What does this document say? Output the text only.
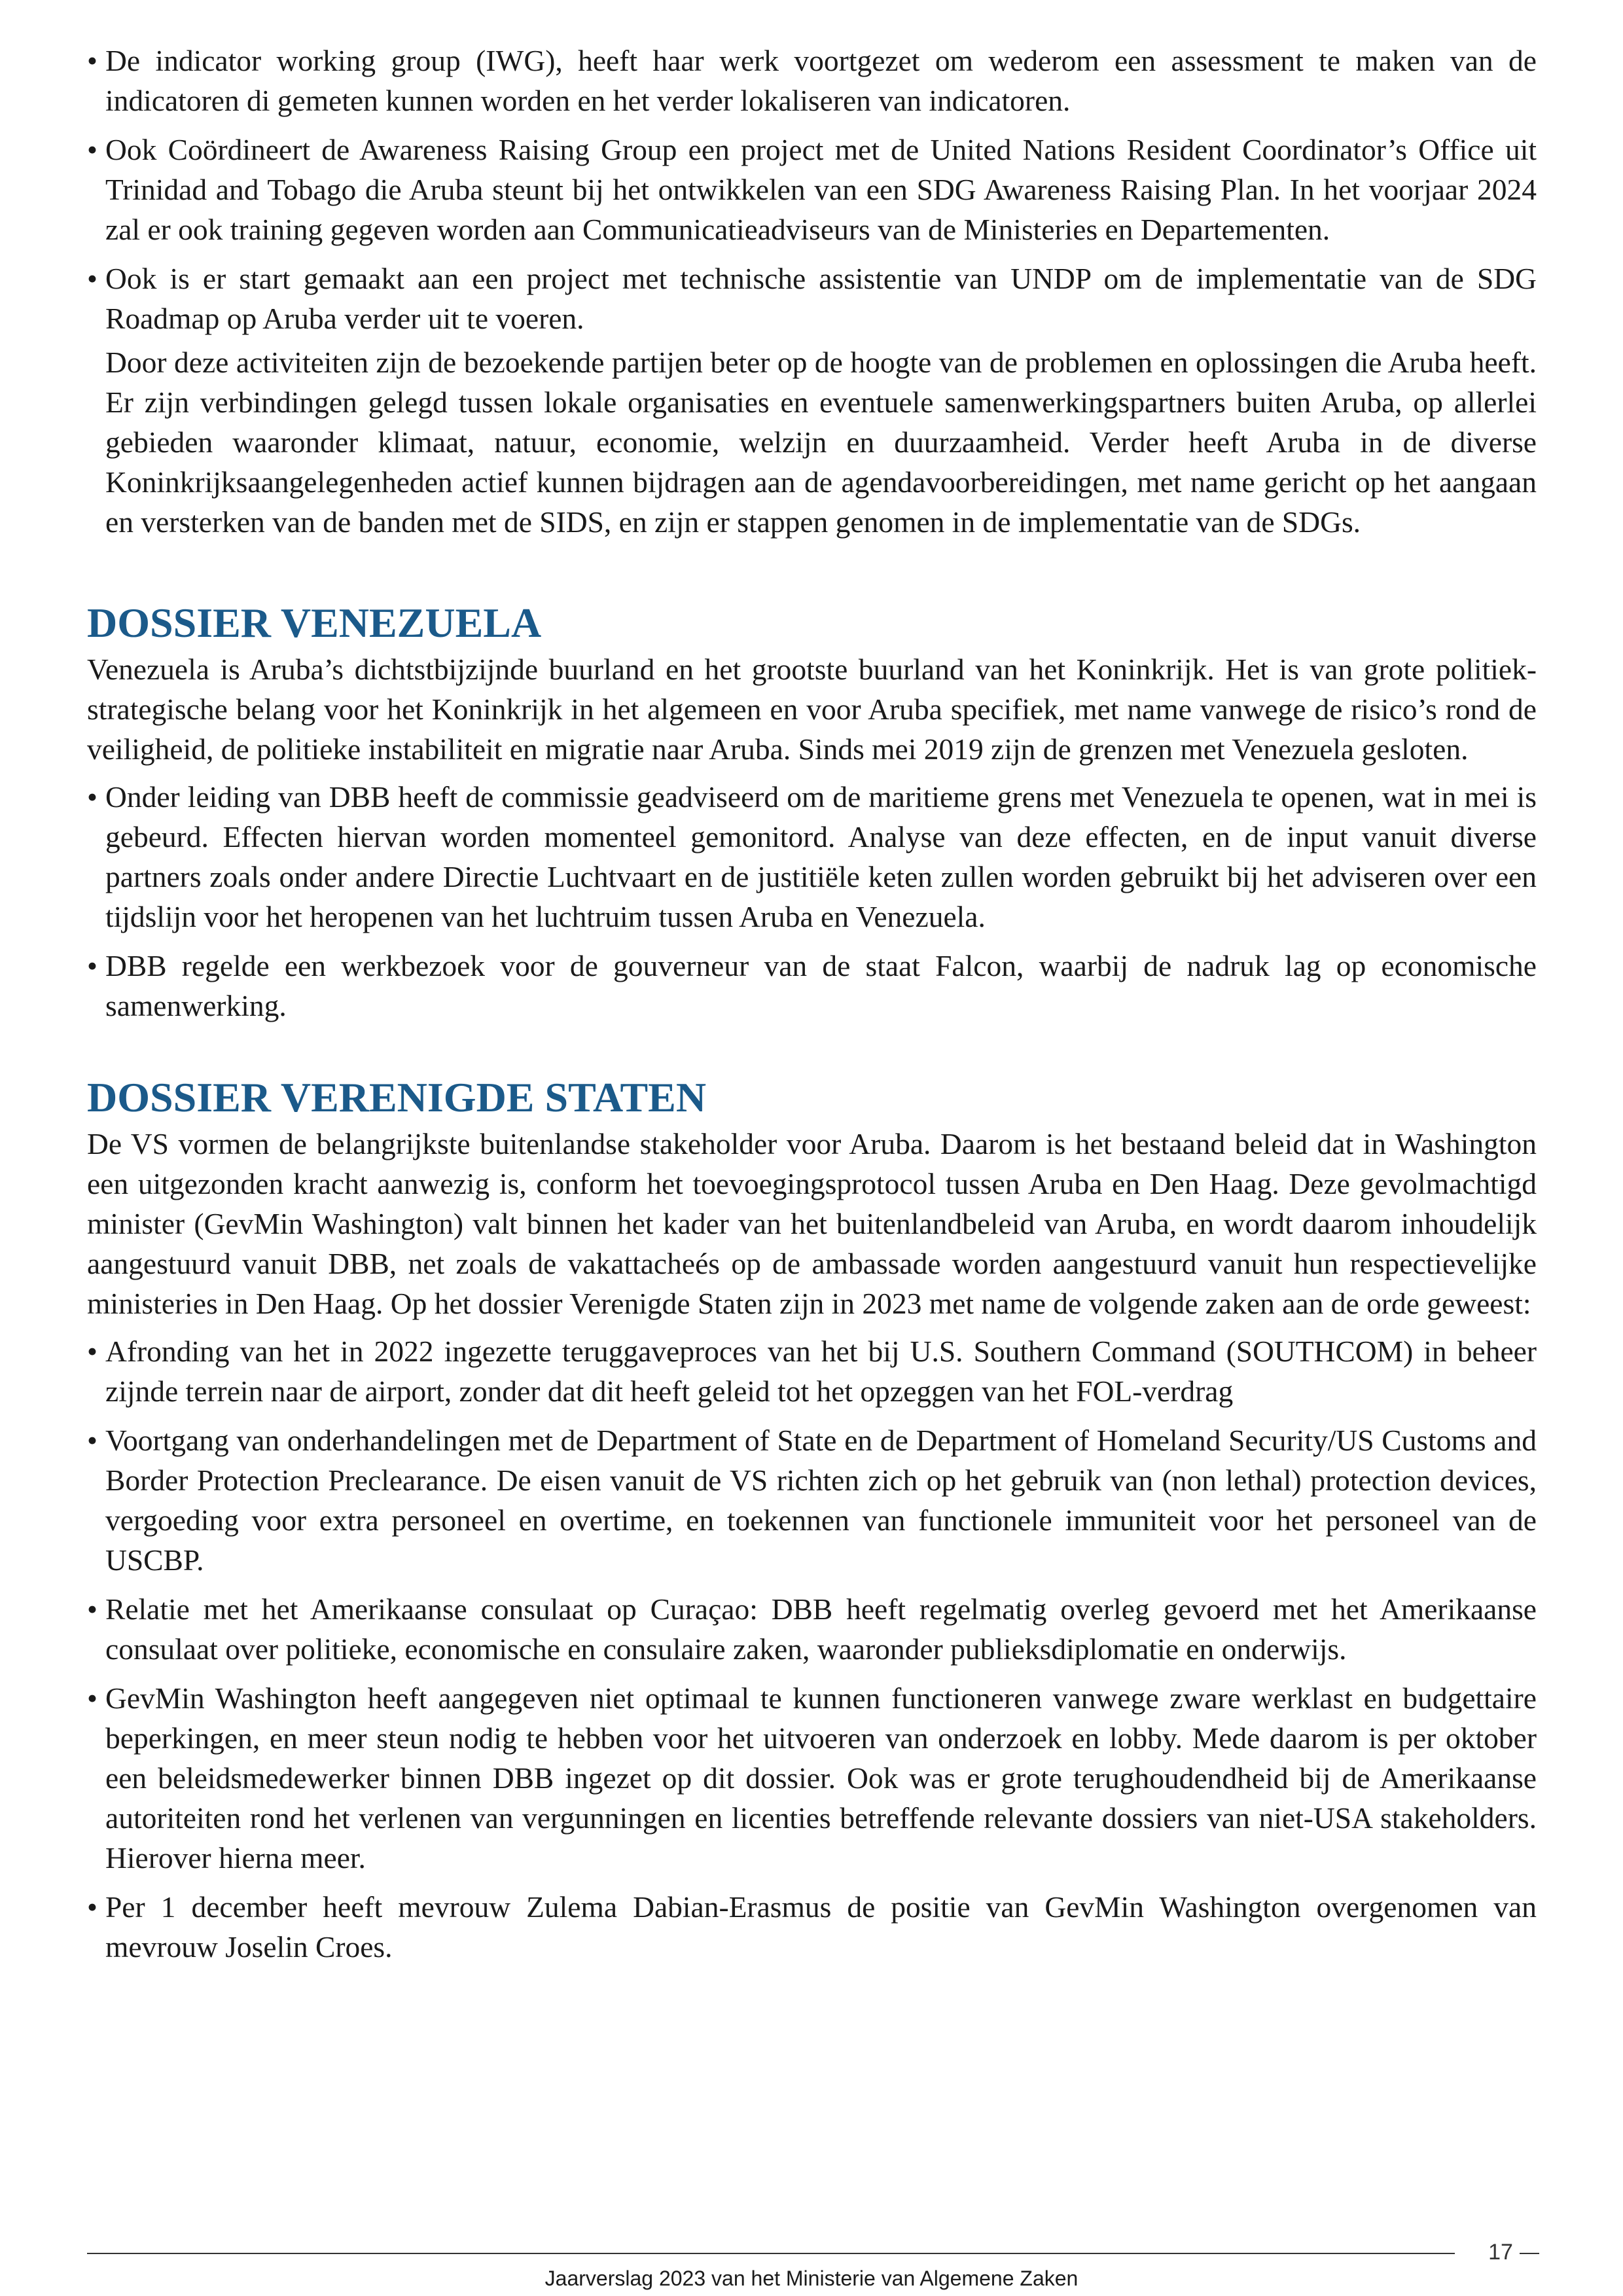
• De indicator working group (IWG), heeft haar werk voortgezet om wederom een assessment te maken van de indicatoren di gemeten kunnen worden en het verder lokaliseren van indicatoren.
• Ook Coördineert de Awareness Raising Group een project met de United Nations Resident Coordinator’s Office uit Trinidad and Tobago die Aruba steunt bij het ontwikkelen van een SDG Awareness Raising Plan. In het voorjaar 2024 zal er ook training gegeven worden aan Communicatieadviseurs van de Ministeries en Departementen.
• Ook is er start gemaakt aan een project met technische assistentie van UNDP om de implementatie van de SDG Roadmap op Aruba verder uit te voeren.

Door deze activiteiten zijn de bezoekende partijen beter op de hoogte van de problemen en oplossingen die Aruba heeft. Er zijn verbindingen gelegd tussen lokale organisaties en eventuele samenwerkingspartners buiten Aruba, op allerlei gebieden waaronder klimaat, natuur, economie, welzijn en duurzaamheid. Verder heeft Aruba in de diverse Koninkrijksaangelegenheden actief kunnen bijdragen aan de agendavoorbereidingen, met name gericht op het aangaan en versterken van de banden met de SIDS, en zijn er stappen genomen in de implementatie van de SDGs.

DOSSIER VENEZUELA

Venezuela is Aruba’s dichtstbijzijnde buurland en het grootste buurland van het Koninkrijk. Het is van grote politiek-strategische belang voor het Koninkrijk in het algemeen en voor Aruba specifiek, met name vanwege de risico’s rond de veiligheid, de politieke instabiliteit en migratie naar Aruba. Sinds mei 2019 zijn de grenzen met Venezuela gesloten.

• Onder leiding van DBB heeft de commissie geadviseerd om de maritieme grens met Venezuela te openen, wat in mei is gebeurd. Effecten hiervan worden momenteel gemonitord. Analyse van deze effecten, en de input vanuit diverse partners zoals onder andere Directie Luchtvaart en de justitiële keten zullen worden gebruikt bij het adviseren over een tijdslijn voor het heropenen van het luchtruim tussen Aruba en Venezuela.
• DBB regelde een werkbezoek voor de gouverneur van de staat Falcon, waarbij de nadruk lag op economische samenwerking.
DOSSIER VERENIGDE STATEN

De VS vormen de belangrijkste buitenlandse stakeholder voor Aruba. Daarom is het bestaand beleid dat in Washington een uitgezonden kracht aanwezig is, conform het toevoegingsprotocol tussen Aruba en Den Haag. Deze gevolmachtigd minister (GevMin Washington) valt binnen het kader van het buitenlandbeleid van Aruba, en wordt daarom inhoudelijk aangestuurd vanuit DBB, net zoals de vakattacheés op de ambassade worden aangestuurd vanuit hun respectievelijke ministeries in Den Haag. Op het dossier Verenigde Staten zijn in 2023 met name de volgende zaken aan de orde geweest:

• Afronding van het in 2022 ingezette teruggaveproces van het bij U.S. Southern Command (SOUTHCOM) in beheer zijnde terrein naar de airport, zonder dat dit heeft geleid tot het opzeggen van het FOL-verdrag
• Voortgang van onderhandelingen met de Department of State en de Department of Homeland Security/US Customs and Border Protection Preclearance. De eisen vanuit de VS richten zich op het gebruik van (non lethal) protection devices, vergoeding voor extra personeel en overtime, en toekennen van functionele immuniteit voor het personeel van de USCBP.
• Relatie met het Amerikaanse consulaat op Curaçao: DBB heeft regelmatig overleg gevoerd met het Amerikaanse consulaat over politieke, economische en consulaire zaken, waaronder publieksdiplomatie en onderwijs.
• GevMin Washington heeft aangegeven niet optimaal te kunnen functioneren vanwege zware werklast en budgettaire beperkingen, en meer steun nodig te hebben voor het uitvoeren van onderzoek en lobby. Mede daarom is per oktober een beleidsmedewerker binnen DBB ingezet op dit dossier. Ook was er grote terughoudendheid bij de Amerikaanse autoriteiten rond het verlenen van vergunningen en licenties betreffende relevante dossiers van niet-USA stakeholders. Hierover hierna meer.
• Per 1 december heeft mevrouw Zulema Dabian-Erasmus de positie van GevMin Washington overgenomen van mevrouw Joselin Croes.
17
Jaarverslag 2023 van het Ministerie van Algemene Zaken
